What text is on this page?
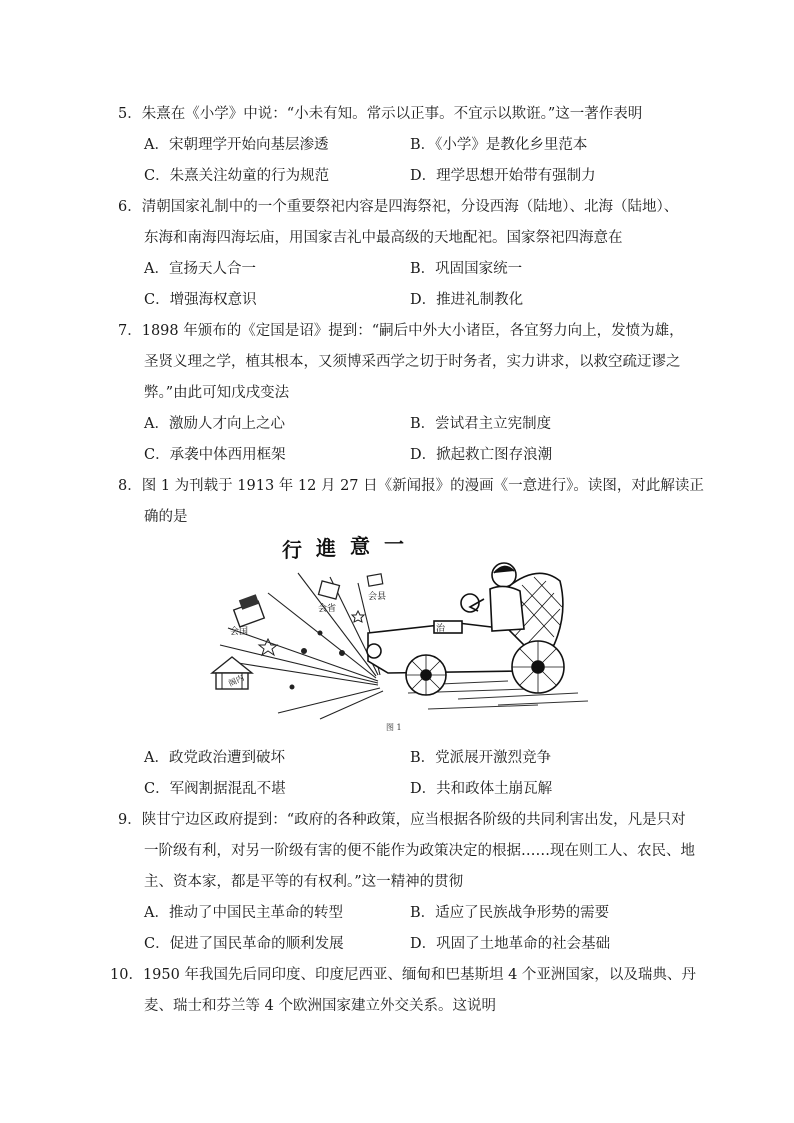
5．朱熹在《小学》中说：“小未有知。常示以正事。不宜示以欺诳。”这一著作表明
A．宋朝理学开始向基层渗透	B．《小学》是教化乡里范本
C．朱熹关注幼童的行为规范	D．理学思想开始带有强制力
6．清朝国家礼制中的一个重要祭祀内容是四海祭祀，分设西海（陆地）、北海（陆地）、
东海和南海四海坛庙，用国家吉礼中最高级的天地配祀。国家祭祀四海意在
A．宣扬天人合一	B．巩固国家统一
C．增强海权意识	D．推进礼制教化
7．1898 年颁布的《定国是诏》提到：“嗣后中外大小诸臣，各宜努力向上，发愤为雄，
圣贤义理之学，植其根本，又须博采西学之切于时务者，实力讲求，以救空疏迂谬之
弊。”由此可知戊戌变法
A．激励人才向上之心	B．尝试君主立宪制度
C．承袭中体西用框架	D．掀起救亡图存浪潮
8．图 1 为刊载于 1913 年 12 月 27 日《新闻报》的漫画《一意进行》。读图，对此解读正
确的是
行 進 意 一
会国
会省
会县
阁内
治
图 1
A．政党政治遭到破坏	B．党派展开激烈竞争
C．军阀割据混乱不堪	D．共和政体土崩瓦解
9．陕甘宁边区政府提到：“政府的各种政策，应当根据各阶级的共同利害出发，凡是只对
一阶级有利，对另一阶级有害的便不能作为政策决定的根据……现在则工人、农民、地
主、资本家，都是平等的有权利。”这一精神的贯彻
A．推动了中国民主革命的转型	B．适应了民族战争形势的需要
C．促进了国民革命的顺利发展	D．巩固了土地革命的社会基础
10．1950 年我国先后同印度、印度尼西亚、缅甸和巴基斯坦 4 个亚洲国家，以及瑞典、丹
麦、瑞士和芬兰等 4 个欧洲国家建立外交关系。这说明
